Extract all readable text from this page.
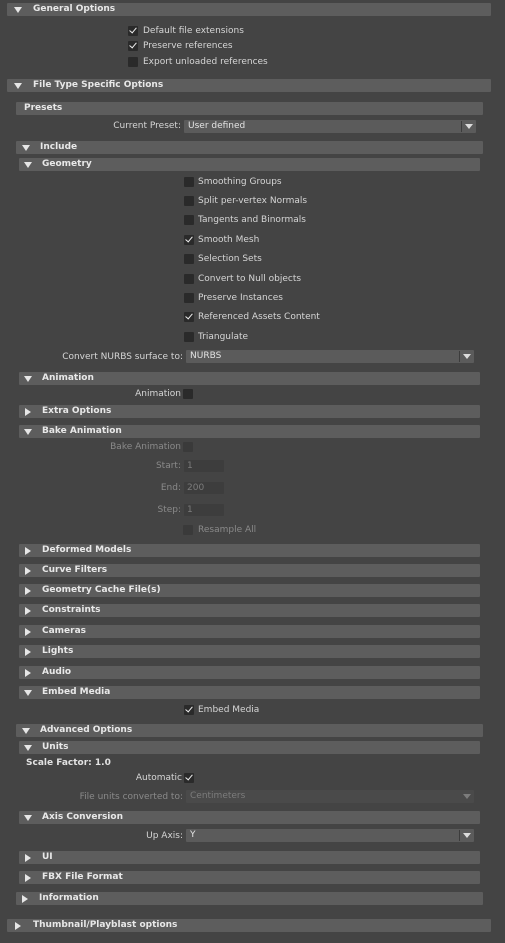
General Options
Default file extensions
Preserve references
Export unloaded references
File Type Specific Options
Presets
Current Preset: User defined
Include
Geometry
Smoothing Groups
Split per-vertex Normals
Tangents and Binormals
Smooth Mesh
Selection Sets
Convert to Null objects
Preserve Instances
Referenced Assets Content
Triangulate
Convert NURBS surface to: NURBS
Animation
Animation
Extra Options
Bake Animation
Bake Animation
Start: 1
End: 200
Step: 1
Resample All
Deformed Models
Curve Filters
Geometry Cache File(s)
Constraints
Cameras
Lights
Audio
Embed Media
Embed Media
Advanced Options
Units
Scale Factor: 1.0
Automatic
File units converted to: Centimeters
Axis Conversion
Up Axis: Y
UI
FBX File Format
Information
Thumbnail/Playblast options
